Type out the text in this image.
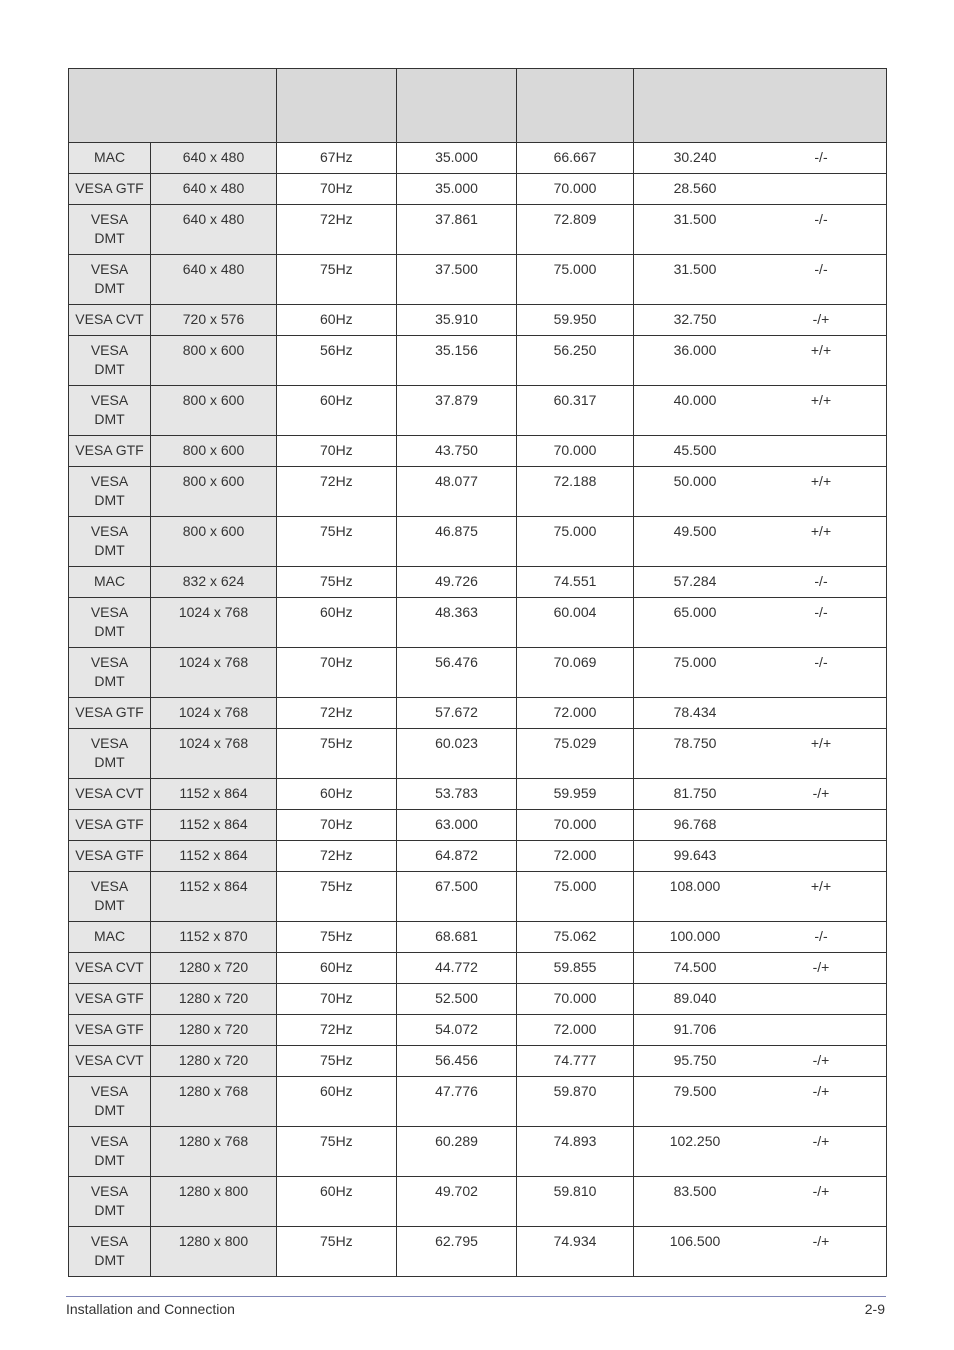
MAC	640 x 480	67Hz	35.000	66.667	30.240 -/-

VESA GTF	640 x 480	70Hz	35.000	70.000	28.560

VESA DMT	640 x 480	72Hz	37.861	72.809	31.500 -/-

VESA DMT	640 x 480	75Hz	37.500	75.000	31.500 -/-

VESA CVT	720 x 576	60Hz	35.910	59.950	32.750 -/+

VESA DMT	800 x 600	56Hz	35.156	56.250	36.000 +/+

VESA DMT	800 x 600	60Hz	37.879	60.317	40.000 +/+

VESA GTF	800 x 600	70Hz	43.750	70.000	45.500

VESA DMT	800 x 600	72Hz	48.077	72.188	50.000 +/+

VESA DMT	800 x 600	75Hz	46.875	75.000	49.500 +/+

MAC	832 x 624	75Hz	49.726	74.551	57.284 -/-

VESA DMT	1024 x 768	60Hz	48.363	60.004	65.000 -/-

VESA DMT	1024 x 768	70Hz	56.476	70.069	75.000 -/-

VESA GTF	1024 x 768	72Hz	57.672	72.000	78.434

VESA DMT	1024 x 768	75Hz	60.023	75.029	78.750 +/+

VESA CVT	1152 x 864	60Hz	53.783	59.959	81.750 -/+

VESA GTF	1152 x 864	70Hz	63.000	70.000	96.768

VESA GTF	1152 x 864	72Hz	64.872	72.000	99.643

VESA DMT	1152 x 864	75Hz	67.500	75.000	108.000 +/+

MAC	1152 x 870	75Hz	68.681	75.062	100.000 -/-

VESA CVT	1280 x 720	60Hz	44.772	59.855	74.500 -/+

VESA GTF	1280 x 720	70Hz	52.500	70.000	89.040

VESA GTF	1280 x 720	72Hz	54.072	72.000	91.706

VESA CVT	1280 x 720	75Hz	56.456	74.777	95.750 -/+

VESA DMT	1280 x 768	60Hz	47.776	59.870	79.500 -/+

VESA DMT	1280 x 768	75Hz	60.289	74.893	102.250 -/+

VESA DMT	1280 x 800	60Hz	49.702	59.810	83.500 -/+

VESA DMT	1280 x 800	75Hz	62.795	74.934	106.500 -/+
Installation and Connection	2-9
